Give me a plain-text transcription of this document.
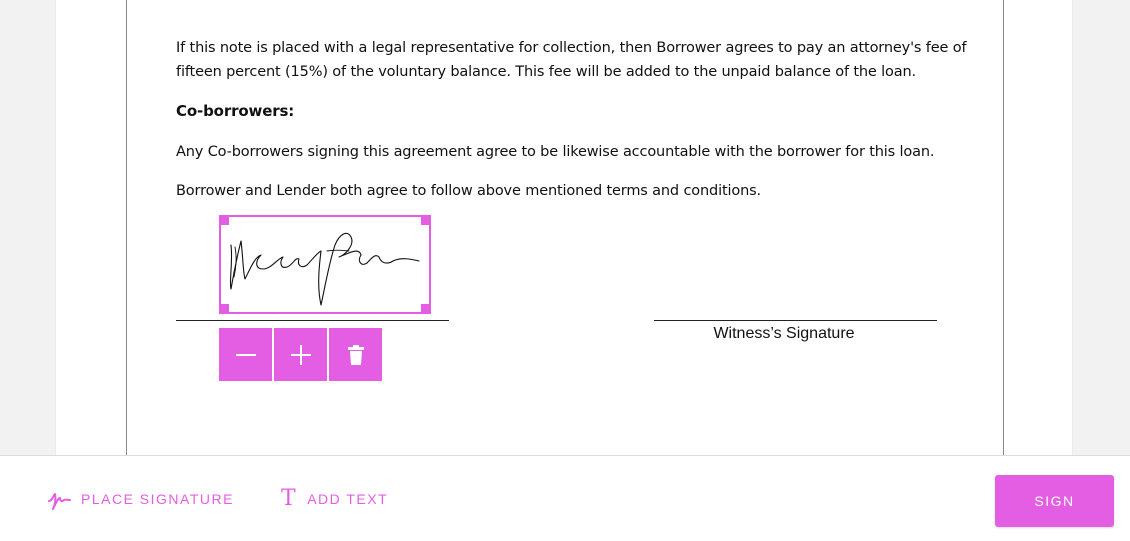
If this note is placed with a legal representative for collection, then Borrower agrees to pay an attorney's fee of
fifteen percent (15%) of the voluntary balance. This fee will be added to the unpaid balance of the loan.
Co-borrowers:
Any Co-borrowers signing this agreement agree to be likewise accountable with the borrower for this loan.
Borrower and Lender both agree to follow above mentioned terms and conditions.
Witness’s Signature
PLACE SIGNATURE T ADD TEXT	SIGN
